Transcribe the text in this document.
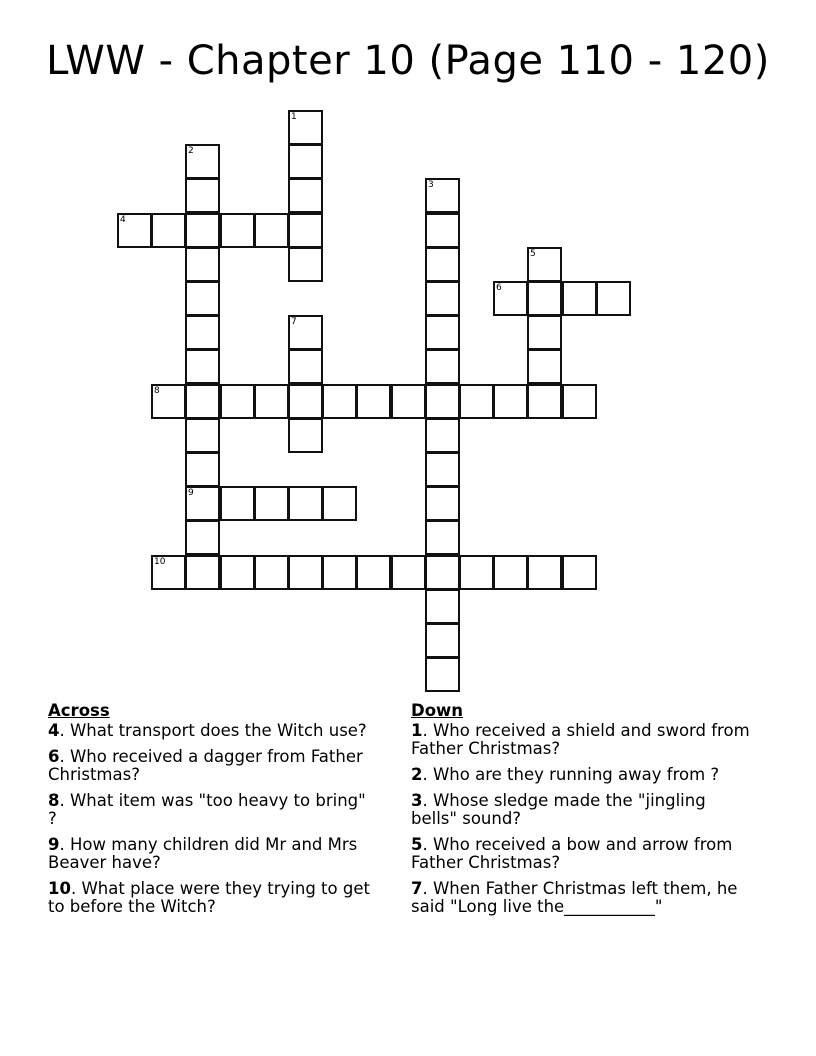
LWW - Chapter 10 (Page 110 - 120)
1
2
9
3
4
5
6
7
8
10
Across
4. What transport does the Witch use?
6. Who received a dagger from Father Christmas?
8. What item was "too heavy to bring" ?
9. How many children did Mr and Mrs Beaver have?
10. What place were they trying to get to before the Witch?
Down
1. Who received a shield and sword from Father Christmas?
2. Who are they running away from ?
3. Whose sledge made the "jingling bells" sound?
5. Who received a bow and arrow from Father Christmas?
7. When Father Christmas left them, he said "Long live the___________"
